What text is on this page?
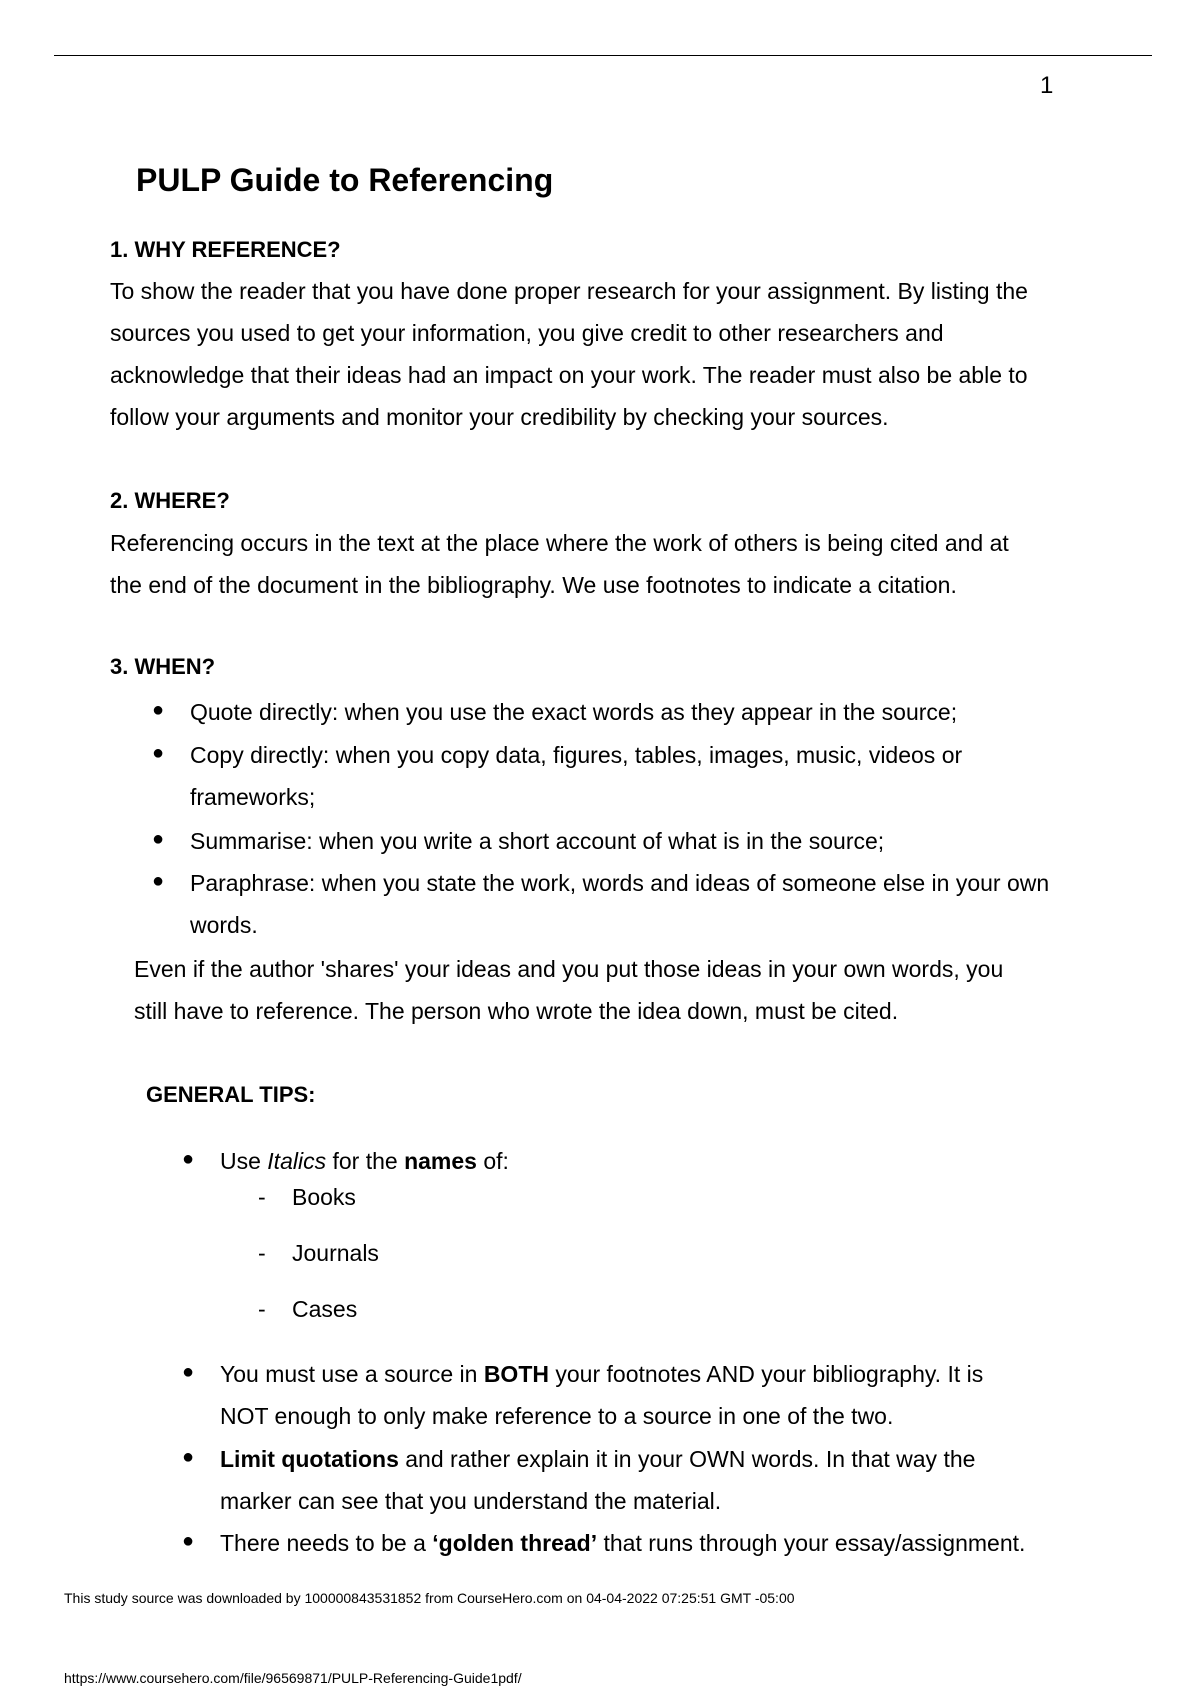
1
PULP Guide to Referencing
1. WHY REFERENCE?
To show the reader that you have done proper research for your assignment. By listing the
sources you used to get your information, you give credit to other researchers and
acknowledge that their ideas had an impact on your work. The reader must also be able to
follow your arguments and monitor your credibility by checking your sources.
2. WHERE?
Referencing occurs in the text at the place where the work of others is being cited and at
the end of the document in the bibliography. We use footnotes to indicate a citation.
3. WHEN?
● Quote directly: when you use the exact words as they appear in the source;
● Copy directly: when you copy data, figures, tables, images, music, videos or
frameworks;
● Summarise: when you write a short account of what is in the source;
● Paraphrase: when you state the work, words and ideas of someone else in your own
words.
Even if the author 'shares' your ideas and you put those ideas in your own words, you
still have to reference. The person who wrote the idea down, must be cited.
GENERAL TIPS:
● Use Italics for the names of:
- Books
- Journals
- Cases
● You must use a source in BOTH your footnotes AND your bibliography. It is
NOT enough to only make reference to a source in one of the two.
● Limit quotations and rather explain it in your OWN words. In that way the
marker can see that you understand the material.
● There needs to be a ‘golden thread’ that runs through your essay/assignment.
This study source was downloaded by 100000843531852 from CourseHero.com on 04-04-2022 07:25:51 GMT -05:00
https://www.coursehero.com/file/96569871/PULP-Referencing-Guide1pdf/
